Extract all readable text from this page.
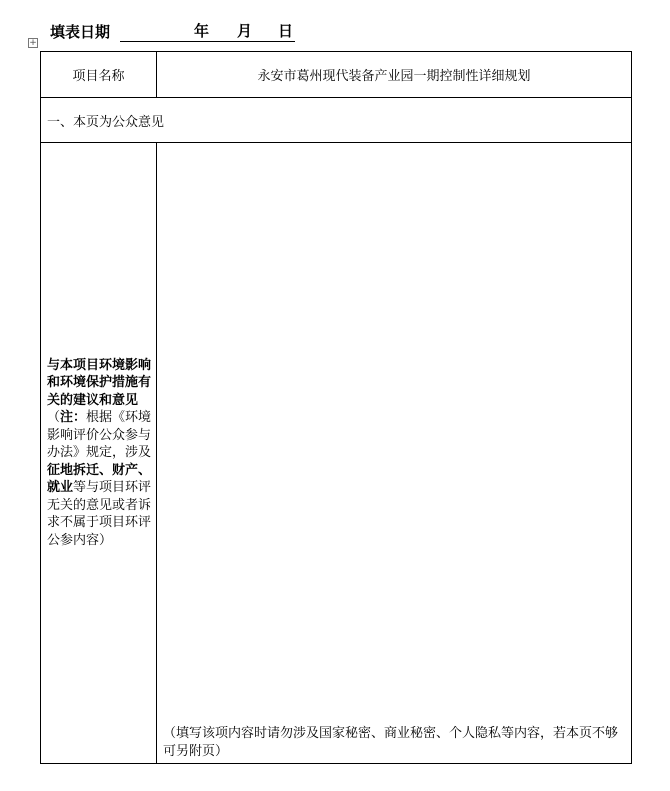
填表日期	年 月 日
+
项目名称	永安市葛州现代装备产业园一期控制性详细规划
一、本页为公众意见	
与本项目环境影响和环境保护措施有关的建议和意见（注：根据《环境影响评价公众参与办法》规定，涉及征地拆迁、财产、就业等与项目环评无关的意见或者诉求不属于项目环评公参内容）	（填写该项内容时请勿涉及国家秘密、商业秘密、个人隐私等内容，若本页不够可另附页）
